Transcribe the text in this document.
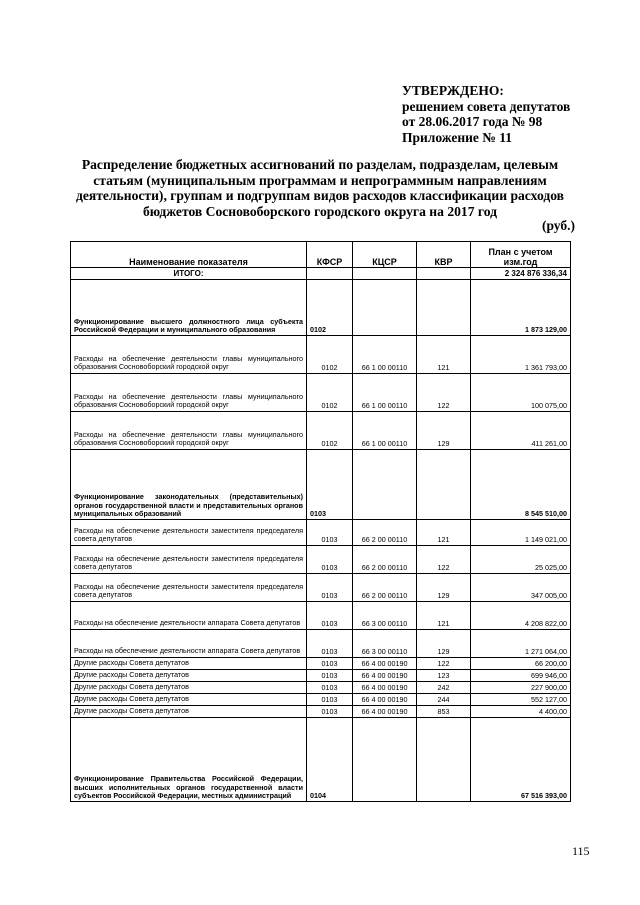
УТВЕРЖДЕНО:
решением совета депутатов
от 28.06.2017 года № 98
Приложение № 11
Распределение бюджетных ассигнований по разделам, подразделам, целевым
статьям (муниципальным программам и непрограммным направлениям
деятельности), группам и подгруппам видов расходов классификации расходов
бюджетов Сосновоборского городского округа на 2017 год
(руб.)
Наименование показателя	КФСР	КЦСР	КВР	План с учетом изм.год
ИТОГО:				2 324 876 336,34
Функционирование высшего должностного лица субъекта Российской Федерации и муниципального образования	0102			1 873 129,00
Расходы на обеспечение деятельности главы муниципального образования Сосновоборский городской округ	0102	66 1 00 00110	121	1 361 793,00
Расходы на обеспечение деятельности главы муниципального образования Сосновоборский городской округ	0102	66 1 00 00110	122	100 075,00
Расходы на обеспечение деятельности главы муниципального образования Сосновоборский городской округ	0102	66 1 00 00110	129	411 261,00
Функционирование законодательных (представительных) органов государственной власти и представительных органов муниципальных образований	0103			8 545 510,00
Расходы на обеспечение деятельности заместителя председателя совета депутатов	0103	66 2 00 00110	121	1 149 021,00
Расходы на обеспечение деятельности заместителя председателя совета депутатов	0103	66 2 00 00110	122	25 025,00
Расходы на обеспечение деятельности заместителя председателя совета депутатов	0103	66 2 00 00110	129	347 005,00
Расходы на обеспечение деятельности аппарата Совета депутатов	0103	66 3 00 00110	121	4 208 822,00
Расходы на обеспечение деятельности аппарата Совета депутатов	0103	66 3 00 00110	129	1 271 064,00
Другие расходы Совета депутатов	0103	66 4 00 00190	122	66 200,00
Другие расходы Совета депутатов	0103	66 4 00 00190	123	699 946,00
Другие расходы Совета депутатов	0103	66 4 00 00190	242	227 900,00
Другие расходы Совета депутатов	0103	66 4 00 00190	244	552 127,00
Другие расходы Совета депутатов	0103	66 4 00 00190	853	4 400,00
Функционирование Правительства Российской Федерации, высших исполнительных органов государственной власти субъектов Российской Федерации, местных администраций	0104			67 516 393,00
115
